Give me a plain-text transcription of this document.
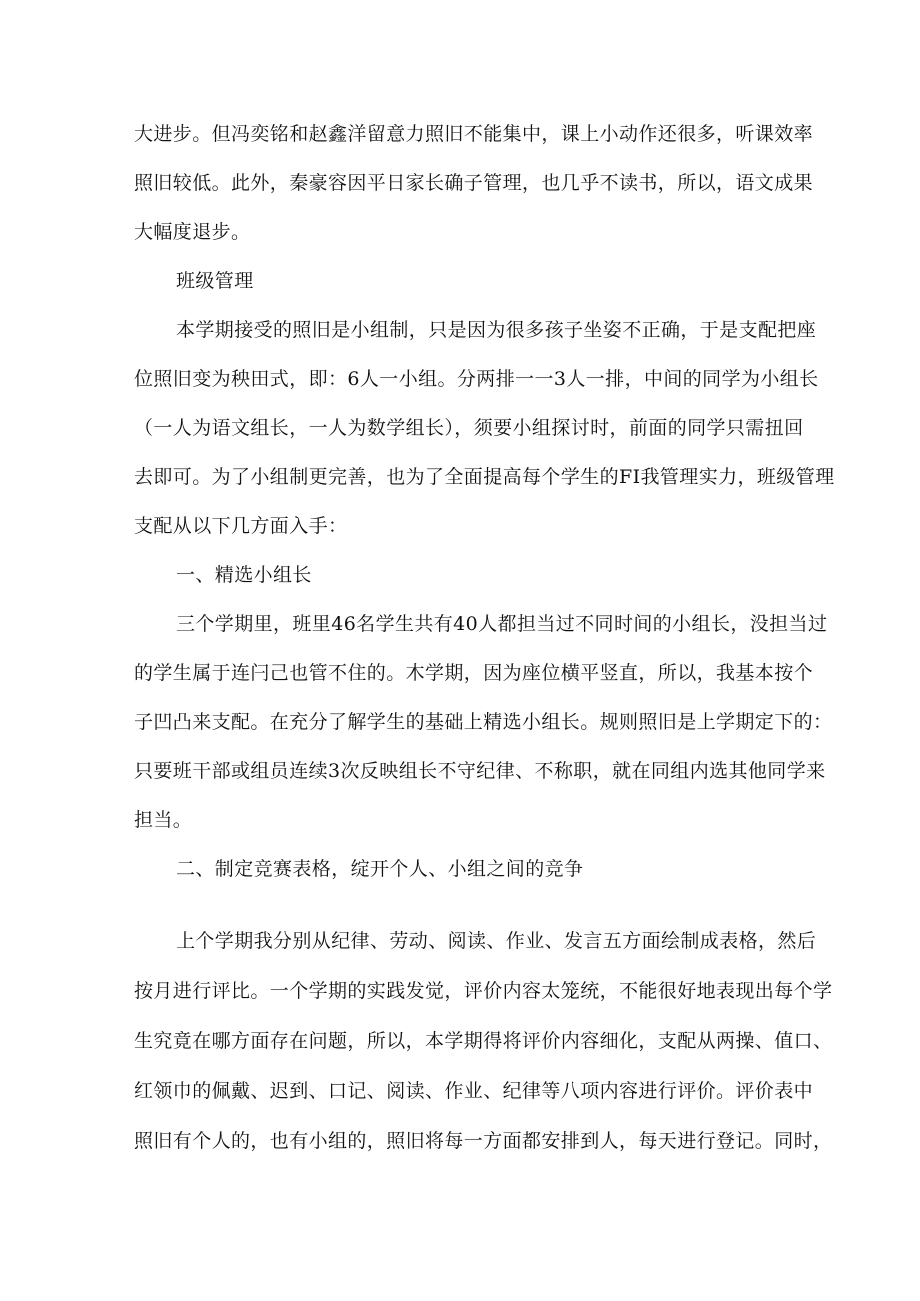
大进步。但冯奕铭和赵鑫洋留意力照旧不能集中，课上小动作还很多，听课效率
照旧较低。此外，秦豪容因平日家长确子管理，也几乎不读书，所以，语文成果
大幅度退步。
班级管理
本学期接受的照旧是小组制，只是因为很多孩子坐姿不正确，于是支配把座
位照旧变为秧田式，即：6人一小组。分两排一一3人一排，中间的同学为小组长
（一人为语文组长，一人为数学组长），须要小组探讨时，前面的同学只需扭回
去即可。为了小组制更完善，也为了全面提高每个学生的FI我管理实力，班级管理
支配从以下几方面入手：
一、精选小组长
三个学期里，班里46名学生共有40人都担当过不同时间的小组长，没担当过
的学生属于连闩己也管不住的。木学期，因为座位横平竖直，所以，我基本按个
子凹凸来支配。在充分了解学生的基础上精选小组长。规则照旧是上学期定下的：
只要班干部或组员连续3次反映组长不守纪律、不称职，就在同组内选其他同学来
担当。
二、制定竞赛表格，绽开个人、小组之间的竞争
上个学期我分别从纪律、劳动、阅读、作业、发言五方面绘制成表格，然后
按月进行评比。一个学期的实践发觉，评价内容太笼统，不能很好地表现出每个学
生究竟在哪方面存在问题，所以，本学期得将评价内容细化，支配从两操、值口、
红领巾的佩戴、迟到、口记、阅读、作业、纪律等八项内容进行评价。评价表中
照旧有个人的，也有小组的，照旧将每一方面都安排到人，每天进行登记。同时，
